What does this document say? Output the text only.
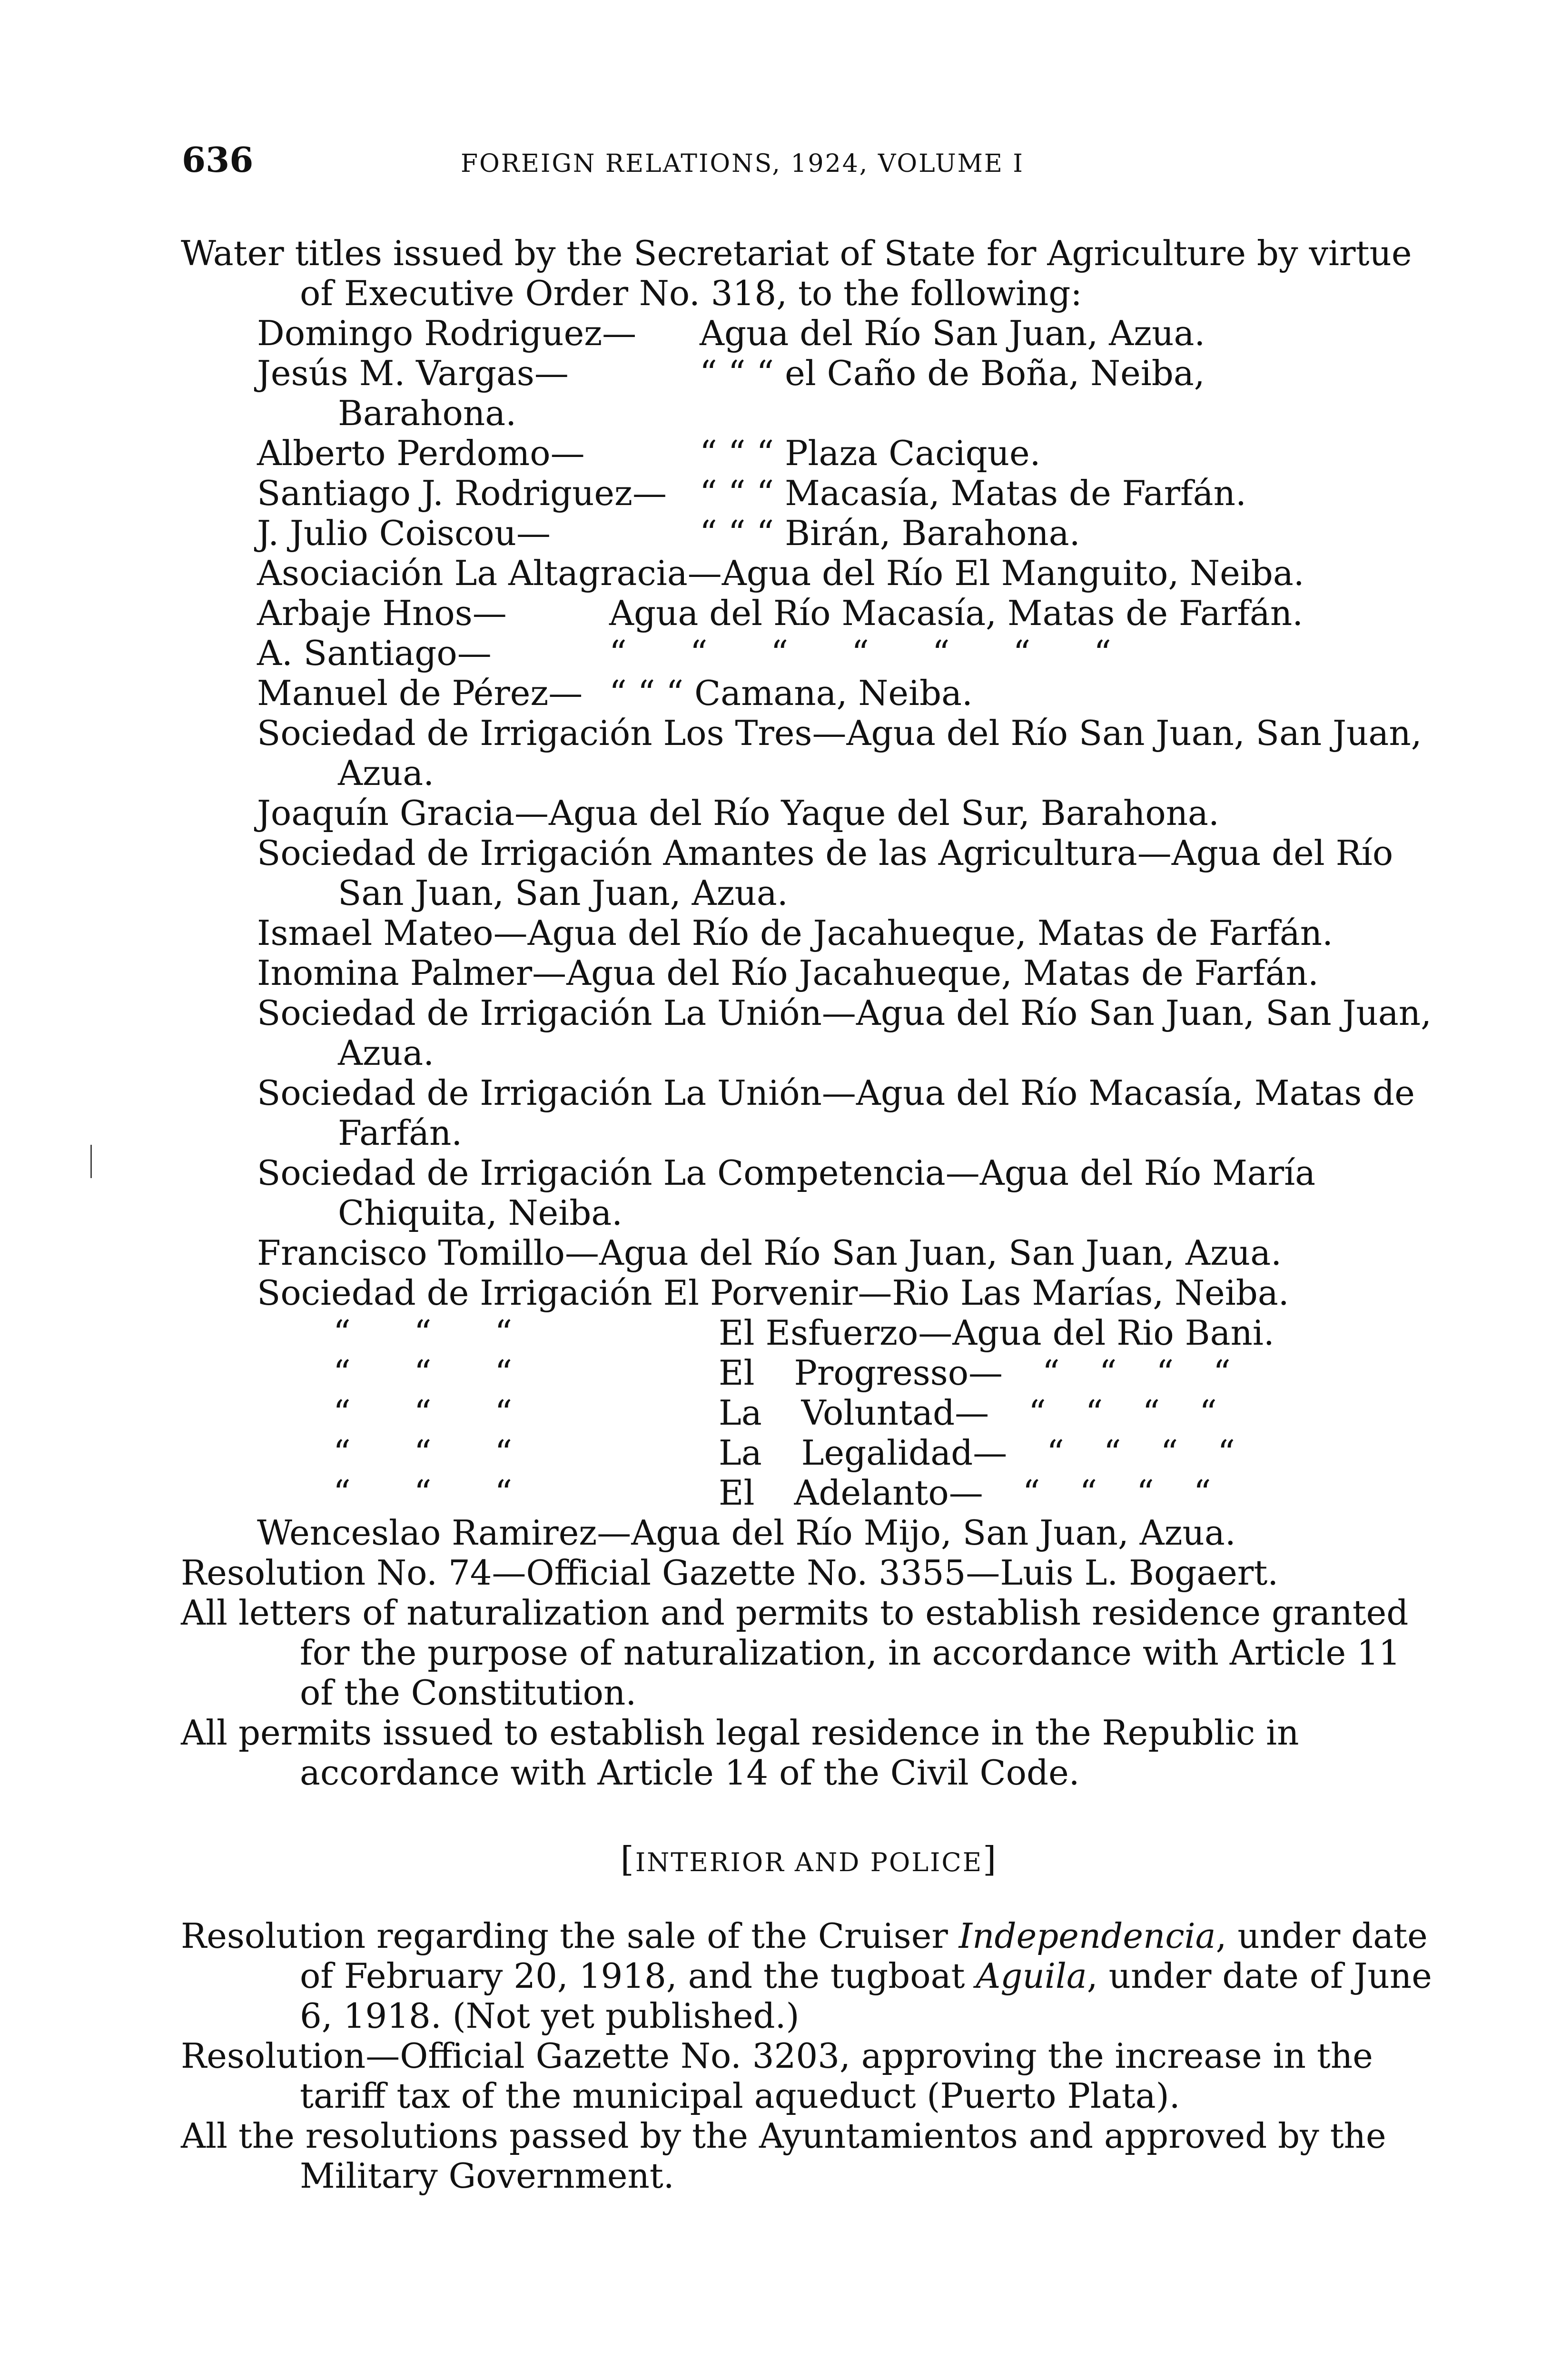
636	FOREIGN RELATIONS, 1924, VOLUME I

Water titles issued by the Secretariat of State for Agriculture by virtue of Executive Order No. 318, to the following:

Domingo Rodriguez—	Agua del Río San Juan, Azua.
Jesús M. Vargas—	“ “ “ el Caño de Boña, Neiba,
Barahona.
Alberto Perdomo—	“ “ “ Plaza Cacique.
Santiago J. Rodriguez— “ “ “ Macasía, Matas de Farfán.
J. Julio Coiscou—	“ “ “ Birán, Barahona.

Asociación La Altagracia—Agua del Río El Manguito, Neiba.

Arbaje Hnos—	Agua del Río Macasía, Matas de Farfán.
A. Santiago—	“ “ “ “ “ “ “
Manuel de Pérez— “ “ “ Camana, Neiba.

Sociedad de Irrigación Los Tres—Agua del Río San Juan, San Juan, Azua.

Joaquín Gracia—Agua del Río Yaque del Sur, Barahona.

Sociedad de Irrigación Amantes de las Agricultura—Agua del Río San Juan, San Juan, Azua.

Ismael Mateo—Agua del Río de Jacahueque, Matas de Farfán.

Inomina Palmer—Agua del Río Jacahueque, Matas de Farfán.

Sociedad de Irrigación La Unión—Agua del Río San Juan, San Juan, Azua.

Sociedad de Irrigación La Unión—Agua del Río Macasía, Matas de Farfán.

Sociedad de Irrigación La Competencia—Agua del Río María Chiquita, Neiba.

Francisco Tomillo—Agua del Río San Juan, San Juan, Azua.

Sociedad de Irrigación El Porvenir—Rio Las Marías, Neiba.

“ “ “	El Esfuerzo—Agua del Rio Bani.
“ “ “	El Progresso— “ “ “ “
“ “ “	La Voluntad— “ “ “ “
“ “ “	La Legalidad— “ “ “ “
“ “ “	El Adelanto— “ “ “ “

Wenceslao Ramirez—Agua del Río Mijo, San Juan, Azua.

Resolution No. 74—Official Gazette No. 3355—Luis L. Bogaert.

All letters of naturalization and permits to establish residence granted for the purpose of naturalization, in accordance with Article 11 of the Constitution.

All permits issued to establish legal residence in the Republic in accordance with Article 14 of the Civil Code.

[INTERIOR AND POLICE]

Resolution regarding the sale of the Cruiser Independencia, under date of February 20, 1918, and the tugboat Aguila, under date of June 6, 1918. (Not yet published.)

Resolution—Official Gazette No. 3203, approving the increase in the tariff tax of the municipal aqueduct (Puerto Plata).

All the resolutions passed by the Ayuntamientos and approved by the Military Government.
